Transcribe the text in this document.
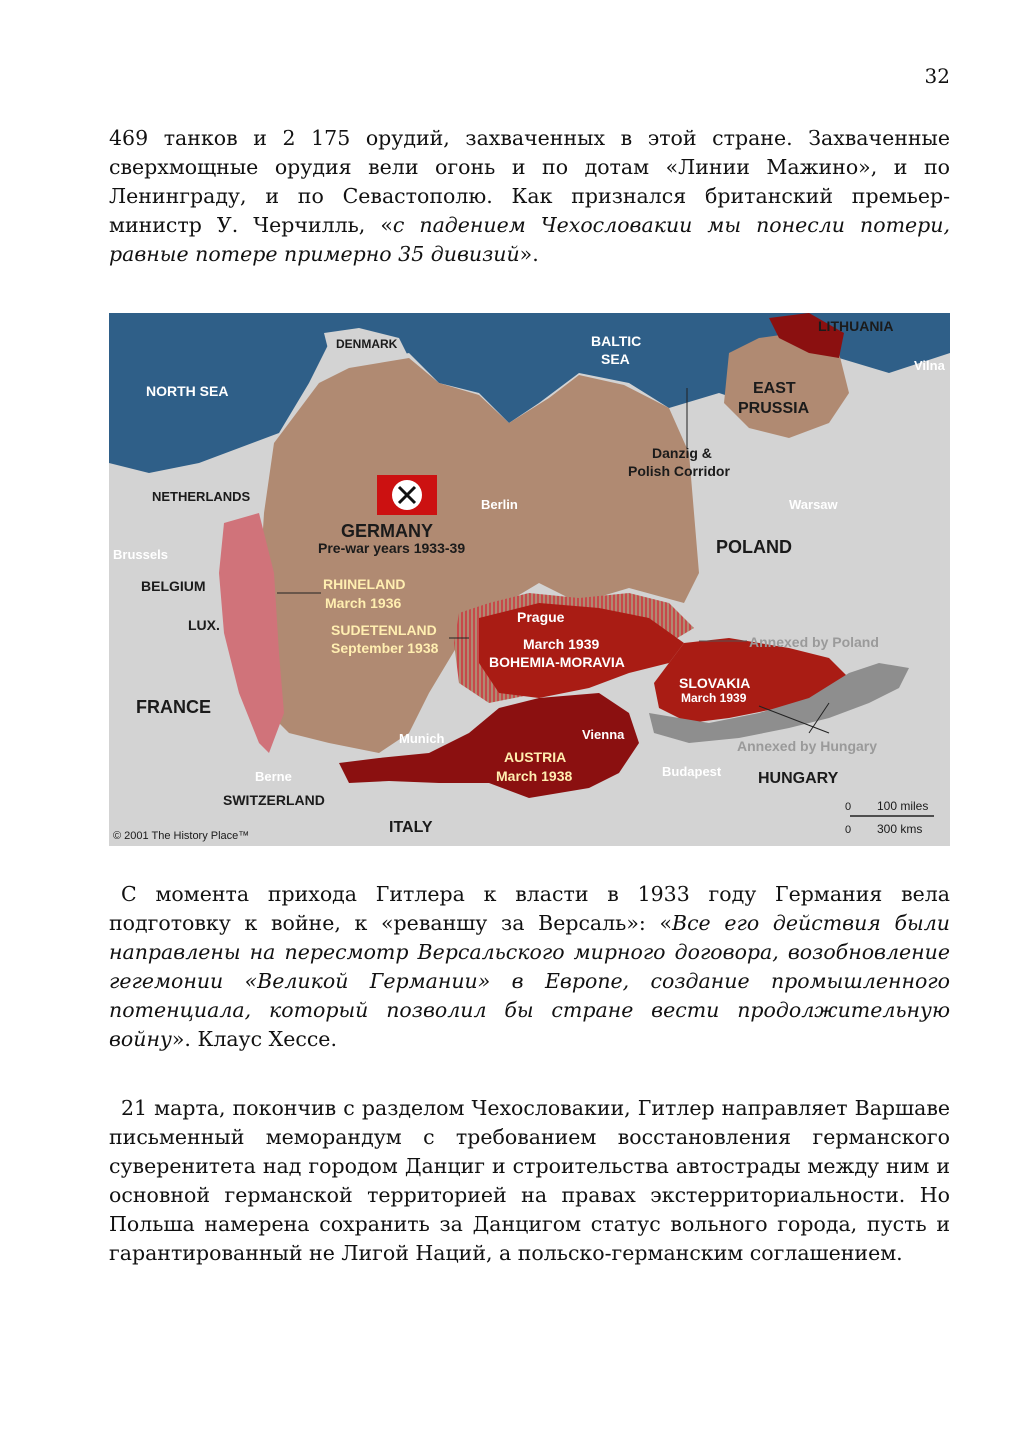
32

469 танков и 2 175 орудий, захваченных в этой стране. Захваченные сверхмощные орудия вели огонь и по дотам «Линии Мажино», и по Ленинграду, и по Севастополю. Как признался британский премьер-министр У. Черчилль, «с падением Чехословакии мы понесли потери, равные потере примерно 35 дивизий».

NORTH SEA
DENMARK	BALTIC
SEA
LITHUANIA
Vilna
EAST
PRUSSIA
Danzig &
Polish Corridor
NETHERLANDS
Berlin	Warsaw
GERMANY
Pre-war years 1933-39	POLAND
Brussels
BELGIUM	RHINELAND
March 1936
LUX.	SUDETENLAND
September 1938
Prague
March 1939
BOHEMIA-MORAVIA
Annexed by Poland
SLOVAKIA
March 1939
FRANCE
Munich	Vienna
AUSTRIA
March 1938
Annexed by Hungary
Berne	Budapest HUNGARY
SWITZERLAND
ITALY
0 100 miles
0 300 kms
© 2001 The History Place™

С момента прихода Гитлера к власти в 1933 году Германия вела подготовку к войне, к «реваншу за Версаль»: «Все его действия были направлены на пересмотр Версальского мирного договора, возобновление гегемонии «Великой Германии» в Европе, создание промышленного потенциала, который позволил бы стране вести продолжительную войну». Клаус Хессе.

21 марта, покончив с разделом Чехословакии, Гитлер направляет Варшаве письменный меморандум с требованием восстановления германского суверенитета над городом Данциг и строительства автострады между ним и основной германской территорией на правах экстерриториальности. Но Польша намерена сохранить за Данцигом статус вольного города, пусть и гарантированный не Лигой Наций, а польско-германским соглашением.
